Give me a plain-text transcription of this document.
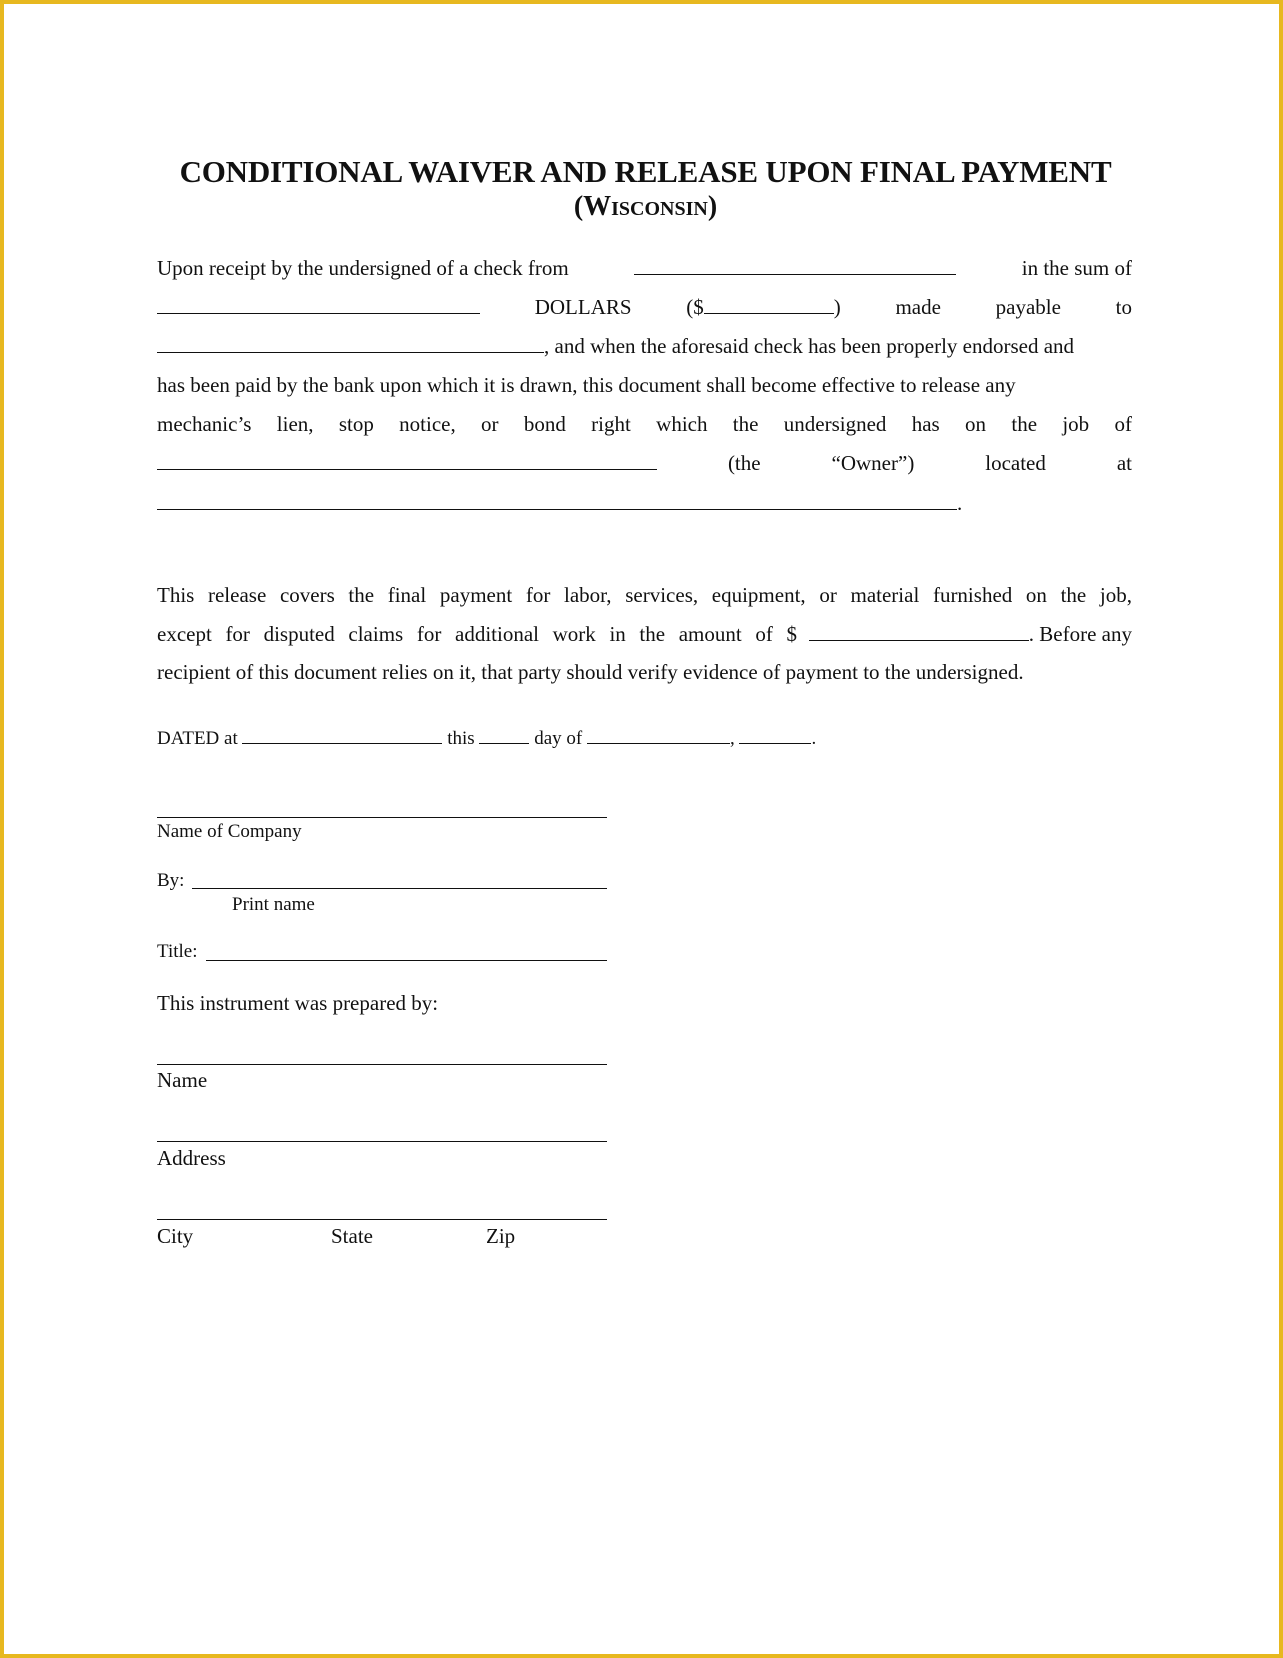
CONDITIONAL WAIVER AND RELEASE UPON FINAL PAYMENT
(Wisconsin)
Upon receipt by the undersigned of a check from	in the sum of
DOLLARS	($	)	made	payable	to
, and when the aforesaid check has been properly endorsed and
has been paid by the bank upon which it is drawn, this document shall become effective to release any
mechanic’s lien, stop notice, or bond right which the undersigned has on the job of
(the	“Owner”)	located	at
.
This release covers the final payment for labor, services, equipment, or material furnished on the job,
except for disputed claims for additional work in the amount of $	. Before any
recipient of this document relies on it, that party should verify evidence of payment to the undersigned.
DATED at	this	day of	,	.
Name of Company
By:
Print name
Title:
This instrument was prepared by:
Name
Address
City	State	Zip
